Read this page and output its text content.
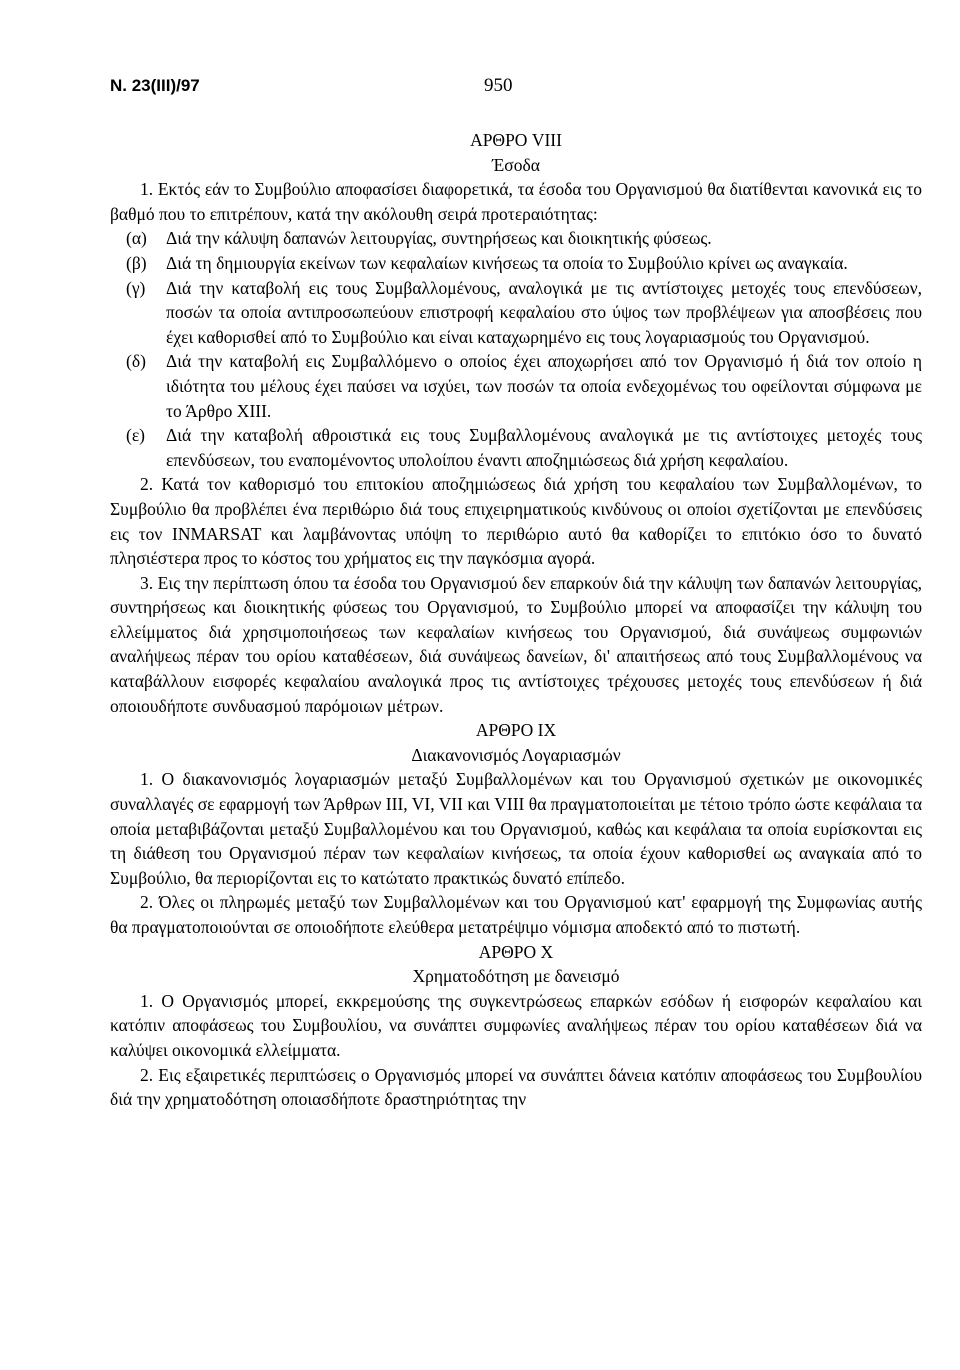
Ν. 23(ΙΙΙ)/97	950
ΑΡΘΡΟ VIII
Έσοδα

1. Εκτός εάν το Συμβούλιο αποφασίσει διαφορετικά, τα έσοδα του Οργανισμού θα διατίθενται κανονικά εις το βαθμό που το επιτρέπουν, κατά την ακόλουθη σειρά προτεραιότητας:

(α)	Διά την κάλυψη δαπανών λειτουργίας, συντηρήσεως και διοικητικής φύσεως.
(β)	Διά τη δημιουργία εκείνων των κεφαλαίων κινήσεως τα οποία το Συμβούλιο κρίνει ως αναγκαία.
(γ)	Διά την καταβολή εις τους Συμβαλλομένους, αναλογικά με τις αντίστοιχες μετοχές τους επενδύσεων, ποσών τα οποία αντιπροσωπεύουν επιστροφή κεφαλαίου στο ύψος των προβλέψεων για αποσβέσεις που έχει καθορισθεί από το Συμβούλιο και είναι καταχωρημένο εις τους λογαριασμούς του Οργανισμού.
(δ)	Διά την καταβολή εις Συμβαλλόμενο ο οποίος έχει αποχωρήσει από τον Οργανισμό ή διά τον οποίο η ιδιότητα του μέλους έχει παύσει να ισχύει, των ποσών τα οποία ενδεχομένως του οφείλονται σύμφωνα με το Άρθρο XIII.
(ε)	Διά την καταβολή αθροιστικά εις τους Συμβαλλομένους αναλογικά με τις αντίστοιχες μετοχές τους επενδύσεων, του εναπομένοντος υπολοίπου έναντι αποζημιώσεως διά χρήση κεφαλαίου.

2. Κατά τον καθορισμό του επιτοκίου αποζημιώσεως διά χρήση του κεφαλαίου των Συμβαλλομένων, το Συμβούλιο θα προβλέπει ένα περιθώριο διά τους επιχειρηματικούς κινδύνους οι οποίοι σχετίζονται με επενδύσεις εις τον INMARSAT και λαμβάνοντας υπόψη το περιθώριο αυτό θα καθορίζει το επιτόκιο όσο το δυνατό πλησιέστερα προς το κόστος του χρήματος εις την παγκόσμια αγορά.

3. Εις την περίπτωση όπου τα έσοδα του Οργανισμού δεν επαρκούν διά την κάλυψη των δαπανών λειτουργίας, συντηρήσεως και διοικητικής φύσεως του Οργανισμού, το Συμβούλιο μπορεί να αποφασίζει την κάλυψη του ελλείμματος διά χρησιμοποιήσεως των κεφαλαίων κινήσεως του Οργανισμού, διά συνάψεως συμφωνιών αναλήψεως πέραν του ορίου καταθέσεων, διά συνάψεως δανείων, δι' απαιτήσεως από τους Συμβαλλομένους να καταβάλλουν εισφορές κεφαλαίου αναλογικά προς τις αντίστοιχες τρέχουσες μετοχές τους επενδύσεων ή διά οποιουδήποτε συνδυασμού παρόμοιων μέτρων.

ΑΡΘΡΟ IX
Διακανονισμός Λογαριασμών

1. Ο διακανονισμός λογαριασμών μεταξύ Συμβαλλομένων και του Οργανισμού σχετικών με οικονομικές συναλλαγές σε εφαρμογή των Άρθρων III, VI, VII και VIII θα πραγματοποιείται με τέτοιο τρόπο ώστε κεφάλαια τα οποία μεταβιβάζονται μεταξύ Συμβαλλομένου και του Οργανισμού, καθώς και κεφάλαια τα οποία ευρίσκονται εις τη διάθεση του Οργανισμού πέραν των κεφαλαίων κινήσεως, τα οποία έχουν καθορισθεί ως αναγκαία από το Συμβούλιο, θα περιορίζονται εις το κατώτατο πρακτικώς δυνατό επίπεδο.

2. Όλες οι πληρωμές μεταξύ των Συμβαλλομένων και του Οργανισμού κατ' εφαρμογή της Συμφωνίας αυτής θα πραγματοποιούνται σε οποιοδήποτε ελεύθερα μετατρέψιμο νόμισμα αποδεκτό από το πιστωτή.

ΑΡΘΡΟ X
Χρηματοδότηση με δανεισμό

1. Ο Οργανισμός μπορεί, εκκρεμούσης της συγκεντρώσεως επαρκών εσόδων ή εισφορών κεφαλαίου και κατόπιν αποφάσεως του Συμβουλίου, να συνάπτει συμφωνίες αναλήψεως πέραν του ορίου καταθέσεων διά να καλύψει οικονομικά ελλείμματα.

2. Εις εξαιρετικές περιπτώσεις ο Οργανισμός μπορεί να συνάπτει δάνεια κατόπιν αποφάσεως του Συμβουλίου διά την χρηματοδότηση οποιασδήποτε δραστηριότητας την
